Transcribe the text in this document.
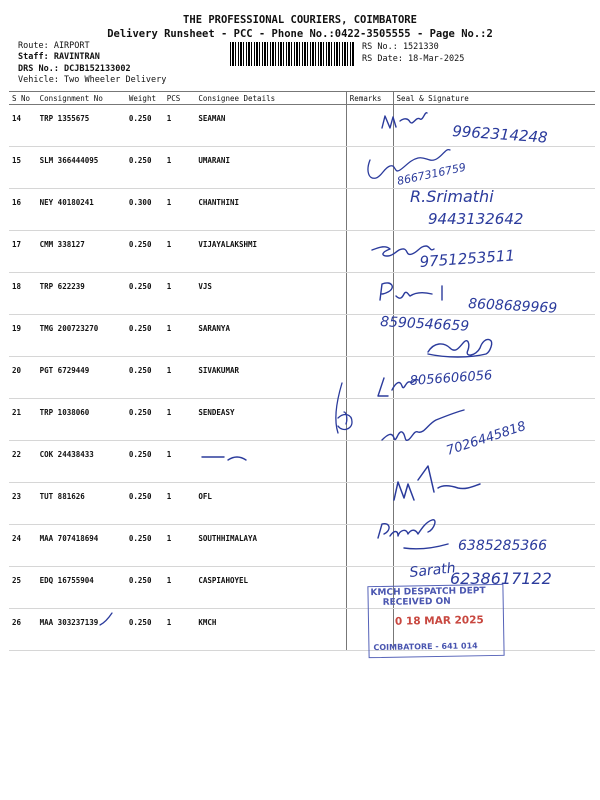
THE PROFESSIONAL COURIERS, COIMBATORE
Delivery Runsheet - PCC - Phone No.:0422-3505555 - Page No.:2
Route: AIRPORT
Staff: RAVINTRAN
DRS No.: DCJB152133002
Vehicle: Two Wheeler Delivery
RS No.: 1521330
RS Date: 18-Mar-2025
S No	Consignment No	Weight	PCS	Consignee Details	Remarks	Seal & Signature
14	TRP 1355675	0.250	1	SEAMAN		
15	SLM 366444095	0.250	1	UMARANI		
16	NEY 40180241	0.300	1	CHANTHINI		
17	CMM 338127	0.250	1	VIJAYALAKSHMI		
18	TRP 622239	0.250	1	VJS		
19	TMG 200723270	0.250	1	SARANYA		
20	PGT 6729449	0.250	1	SIVAKUMAR		
21	TRP 1038060	0.250	1	SENDEASY		
22	COK 24438433	0.250	1			
23	TUT 881626	0.250	1	OFL		
24	MAA 707418694	0.250	1	SOUTHHIMALAYA		
25	EDQ 16755904	0.250	1	CASPIAHOYEL		
26	MAA 303237139	0.250	1	KMCH		
9962314248
8667316759
R.Srimathi
9443132642
9751253511
8608689969
8590546659
8056606056
7026445818
6385285366
Sarath
6238617122
KMCH DESPATCH DEPT
RECEIVED ON
0 18 MAR 2025
COIMBATORE - 641 014
